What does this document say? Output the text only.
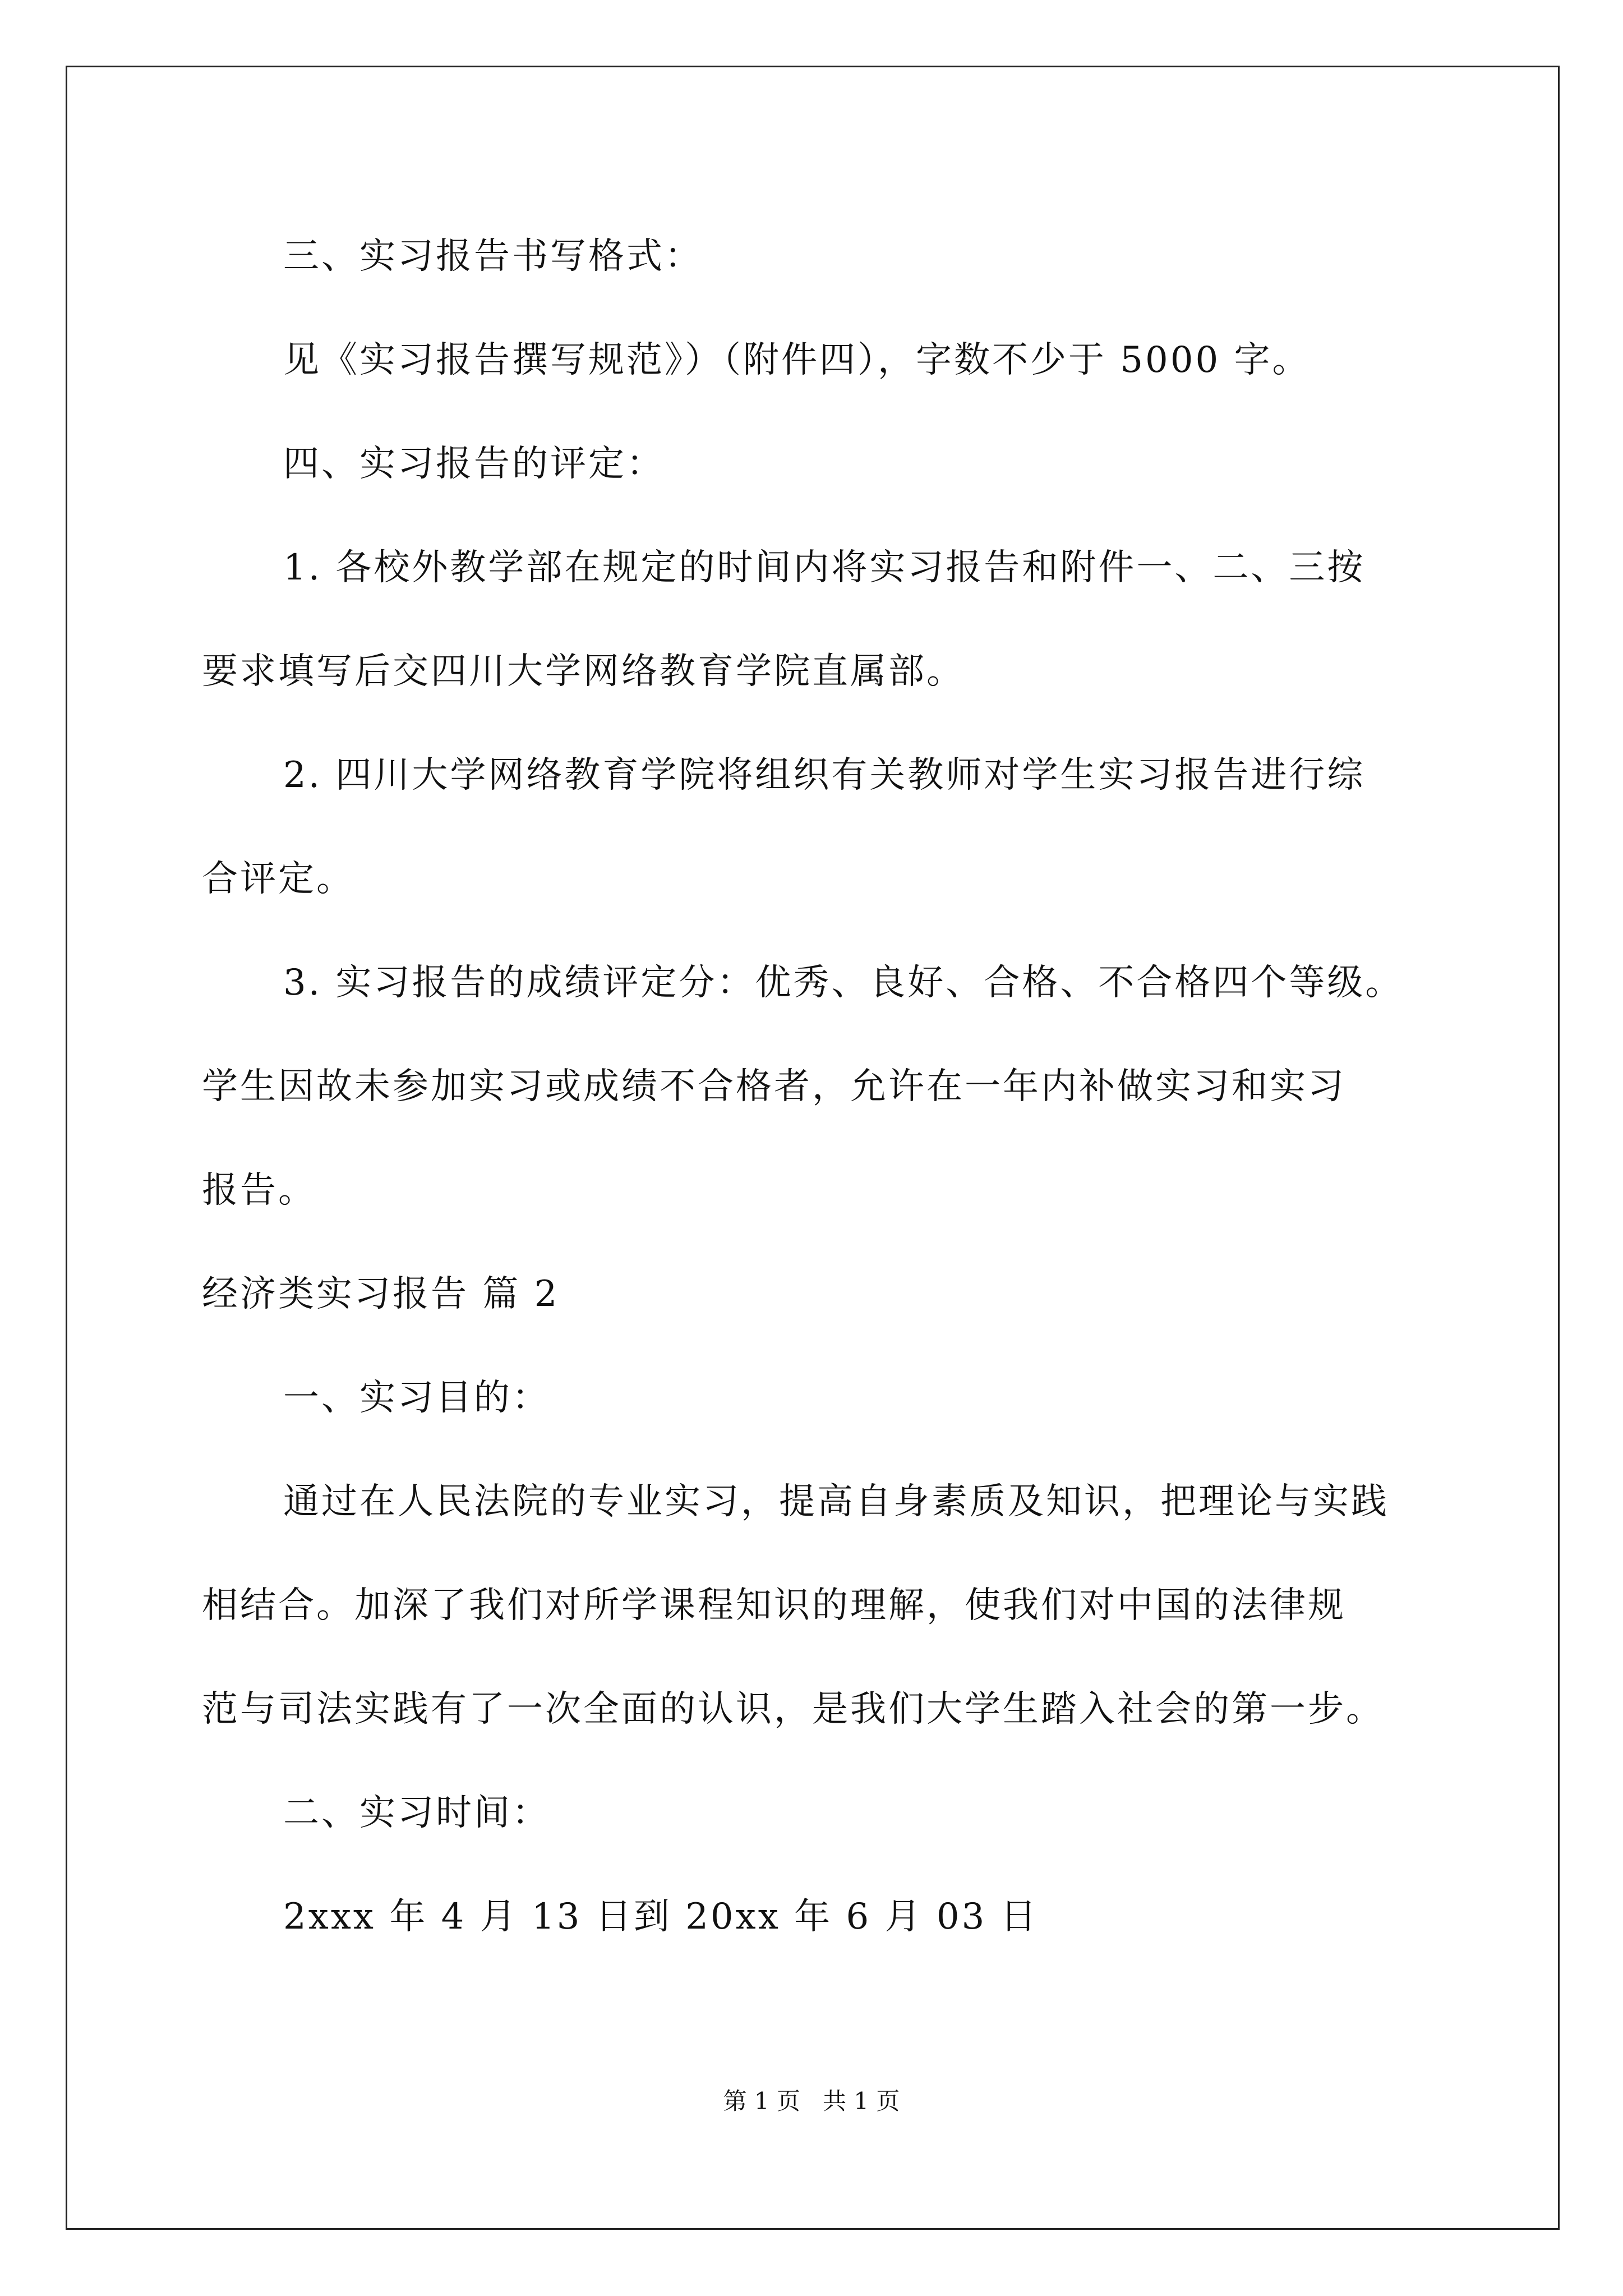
三、实习报告书写格式：
见《实习报告撰写规范》）（附件四），字数不少于 5000 字。
四、实习报告的评定：
1. 各校外教学部在规定的时间内将实习报告和附件一、二、三按
要求填写后交四川大学网络教育学院直属部。
2. 四川大学网络教育学院将组织有关教师对学生实习报告进行综
合评定。
3. 实习报告的成绩评定分：优秀、良好、合格、不合格四个等级。
学生因故未参加实习或成绩不合格者，允许在一年内补做实习和实习
报告。
经济类实习报告 篇 2
一、实习目的：
通过在人民法院的专业实习，提高自身素质及知识，把理论与实践
相结合。加深了我们对所学课程知识的理解，使我们对中国的法律规
范与司法实践有了一次全面的认识，是我们大学生踏入社会的第一步。
二、实习时间：
2xxx 年 4 月 13 日到 20xx 年 6 月 03 日
第 1 页 共 1 页
